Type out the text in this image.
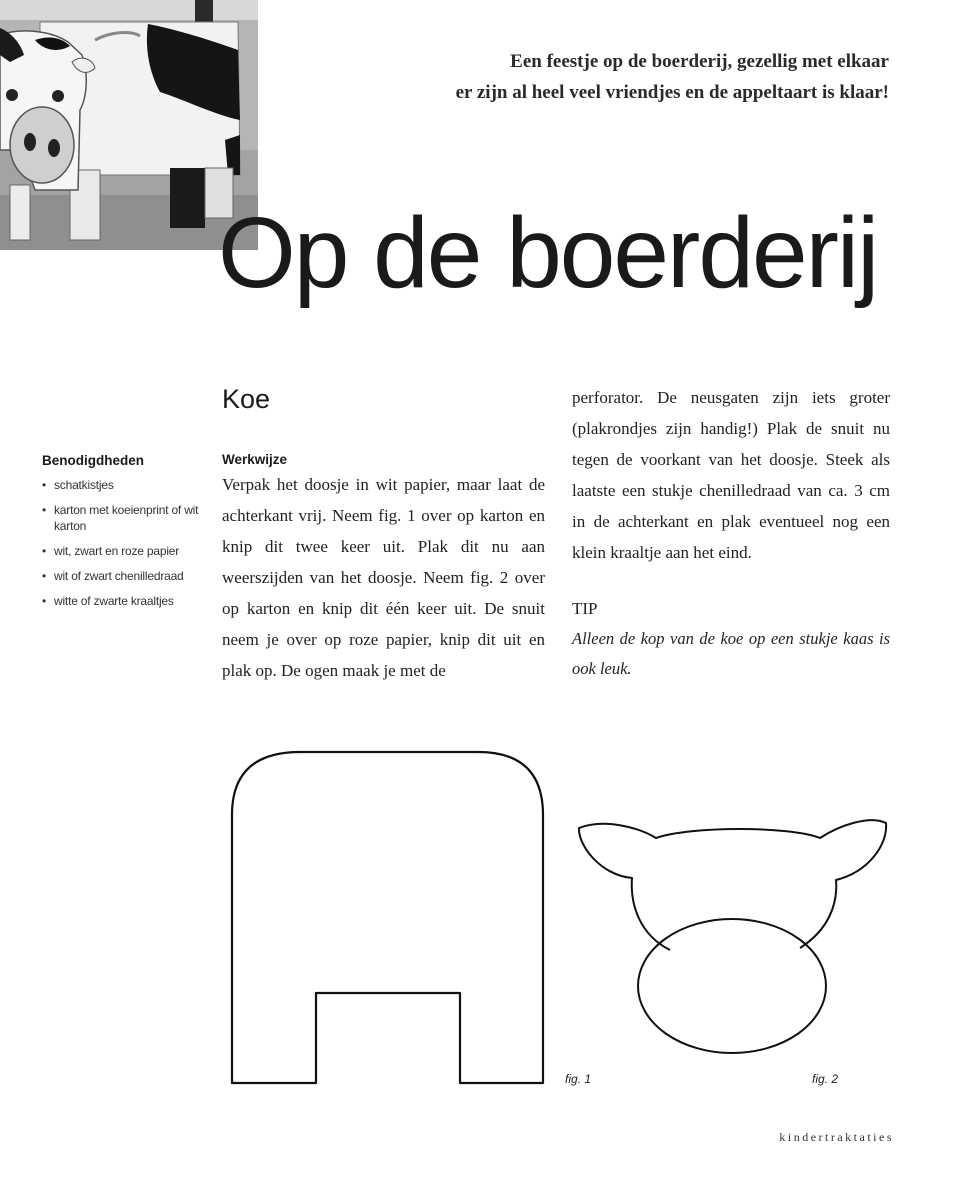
Een feestje op de boerderij, gezellig met elkaar
er zijn al heel veel vriendjes en de appeltaart is klaar!
Op de boerderij
Benodigdheden
• schatkistjes
• karton met koeienprint of wit karton
• wit, zwart en roze papier
• wit of zwart chenilledraad
• witte of zwarte kraaltjes
Koe
Werkwijze

Verpak het doosje in wit papier, maar laat de achterkant vrij. Neem fig. 1 over op karton en knip dit twee keer uit. Plak dit nu aan weerszijden van het doosje. Neem fig. 2 over op karton en knip dit één keer uit. De snuit neem je over op roze papier, knip dit uit en plak op. De ogen maak je met de

perforator. De neusgaten zijn iets groter (plakrondjes zijn handig!) Plak de snuit nu tegen de voorkant van het doosje. Steek als laatste een stukje chenilledraad van ca. 3 cm in de achterkant en plak eventueel nog een klein kraaltje aan het eind.

TIP

Alleen de kop van de koe op een stukje kaas is ook leuk.

fig. 1	fig. 2
kindertraktaties
